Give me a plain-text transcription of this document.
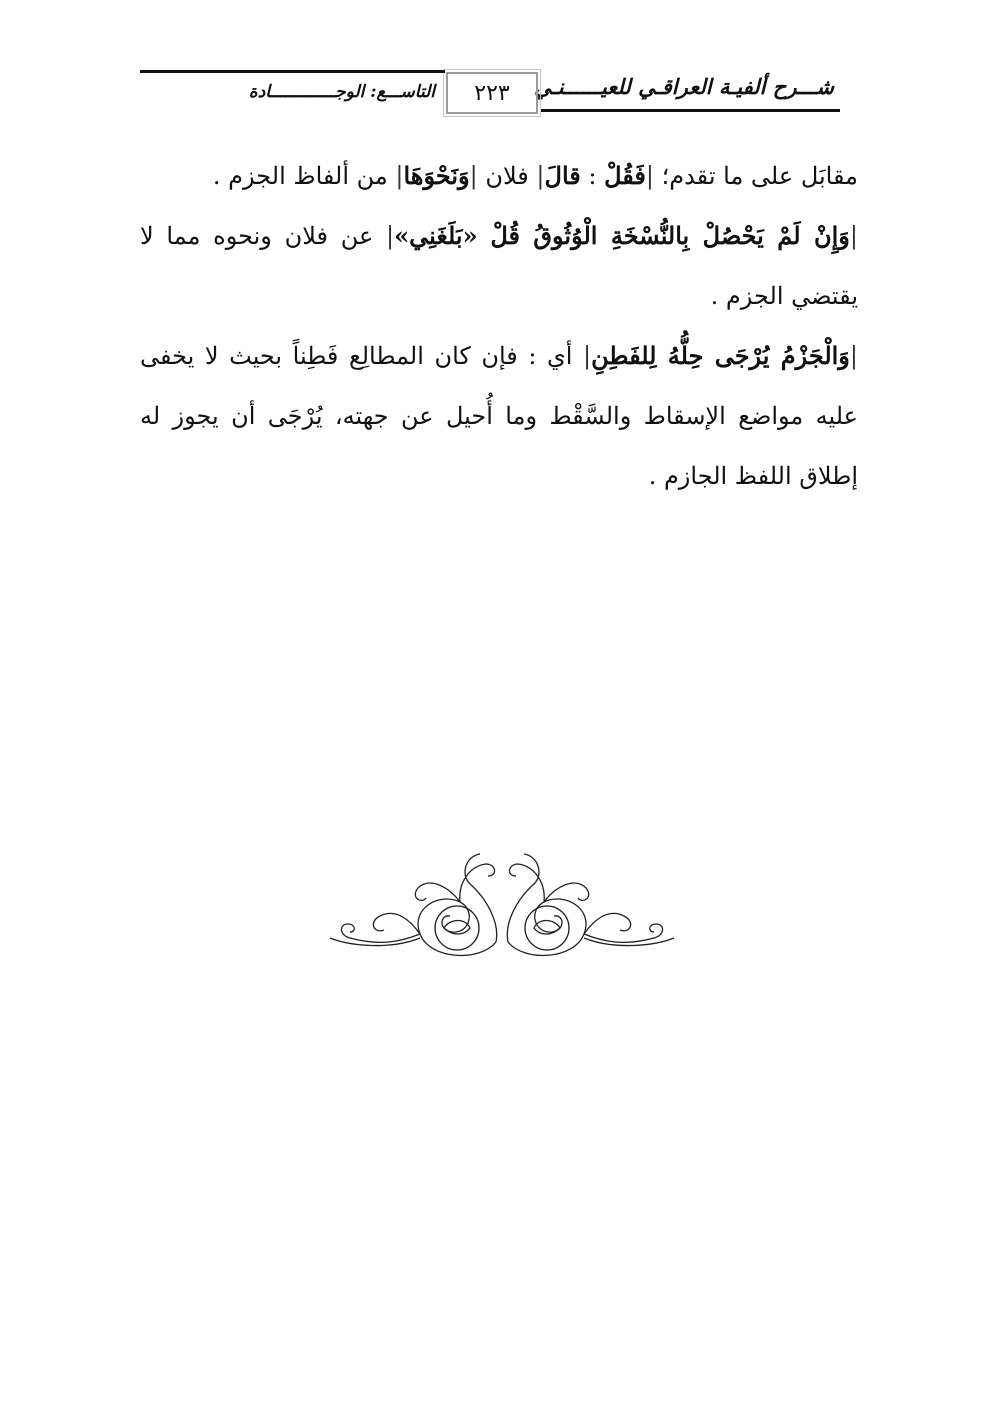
شـــرح ألفيـة العراقـي للعيــــــنـي
٢٢٣
التاســـع: الوجـــــــــــــادة

مقابَل على ما تقدم؛ |فَقُلْ : قالَ| فلان |وَنَحْوَهَا| من ألفاظ الجزم .

|وَإِنْ لَمْ يَحْصُلْ بِالنُّسْخَةِ الْوُثُوقُ قُلْ «بَلَغَنِي»| عن فلان ونحوه مما لا يقتضي الجزم .

|وَالْجَزْمُ يُرْجَى حِلُّهُ لِلفَطِنِ| أي : فإن كان المطالِع فَطِناً بحيث لا يخفى عليه مواضع الإسقاط والسَّقْط وما أُحيل عن جهته، يُرْجَى أن يجوز له إطلاق اللفظ الجازم .
